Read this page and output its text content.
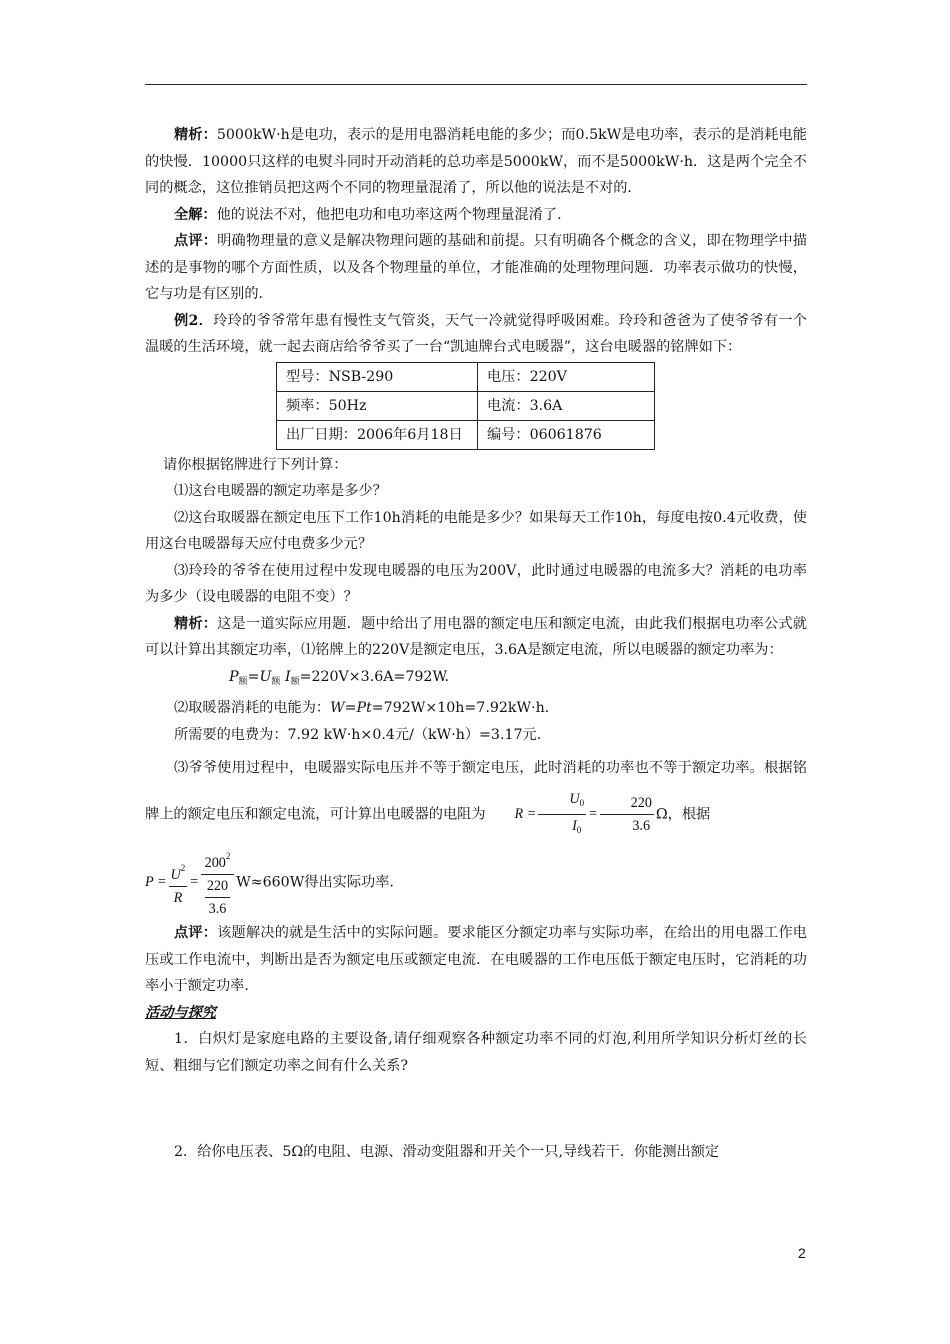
精析：5000kW·h是电功，表示的是用电器消耗电能的多少；而0.5kW是电功率，表示的是消耗电能的快慢．10000只这样的电熨斗同时开动消耗的总功率是5000kW，而不是5000kW·h．这是两个完全不同的概念，这位推销员把这两个不同的物理量混淆了，所以他的说法是不对的．

全解：他的说法不对，他把电功和电功率这两个物理量混淆了．

点评：明确物理量的意义是解决物理问题的基础和前提。只有明确各个概念的含义，即在物理学中描述的是事物的哪个方面性质，以及各个物理量的单位，才能准确的处理物理问题．功率表示做功的快慢，它与功是有区别的．

例2．玲玲的爷爷常年患有慢性支气管炎，天气一冷就觉得呼吸困难。玲玲和爸爸为了使爷爷有一个温暖的生活环境，就一起去商店给爷爷买了一台“凯迪牌台式电暖器”，这台电暖器的铭牌如下：

型号：NSB-290	电压：220V
频率：50Hz	电流：3.6A
出厂日期：2006年6月18日	编号：06061876

请你根据铭牌进行下列计算：

⑴这台电暖器的额定功率是多少？

⑵这台取暖器在额定电压下工作10h消耗的电能是多少？如果每天工作10h，每度电按0.4元收费，使用这台电暖器每天应付电费多少元？

⑶玲玲的爷爷在使用过程中发现电暖器的电压为200V，此时通过电暖器的电流多大？消耗的电功率为多少（设电暖器的电阻不变）？

精析：这是一道实际应用题．题中给出了用电器的额定电压和额定电流，由此我们根据电功率公式就可以计算出其额定功率，⑴铭牌上的220V是额定电压，3.6A是额定电流，所以电暖器的额定功率为：

$P_额=U_额$ $I_额=220V\times 3.6A=792W$.

⑵取暖器消耗的电能为：W=Pt=792W×10h=7.92kW·h.

所需要的电费为：7.92 kW·h×0.4元/（kW·h）=3.17元．

⑶爷爷使用过程中，电暖器实际电压并不等于额定电压，此时消耗的功率也不等于额定功率。根据铭牌上的额定电压和额定电流，可计算出电暖器的电阻为 $R = \frac{U_0}{I_0} = \frac{220}{3.6}$ Ω，根据

$P = \frac{U^2}{R} = \frac{200^2}{\frac{220}{3.6}} W\approx 660W$得出实际功率.

点评：该题解决的就是生活中的实际问题。要求能区分额定功率与实际功率，在给出的用电器工作电压或工作电流中，判断出是否为额定电压或额定电流．在电暖器的工作电压低于额定电压时，它消耗的功率小于额定功率.

活动与探究

1．白炽灯是家庭电路的主要设备,请仔细观察各种额定功率不同的灯泡,利用所学知识分析灯丝的长短、粗细与它们额定功率之间有什么关系?

2．给你电压表、5Ω的电阻、电源、滑动变阻器和开关个一只,导线若干．你能测出额定

2
